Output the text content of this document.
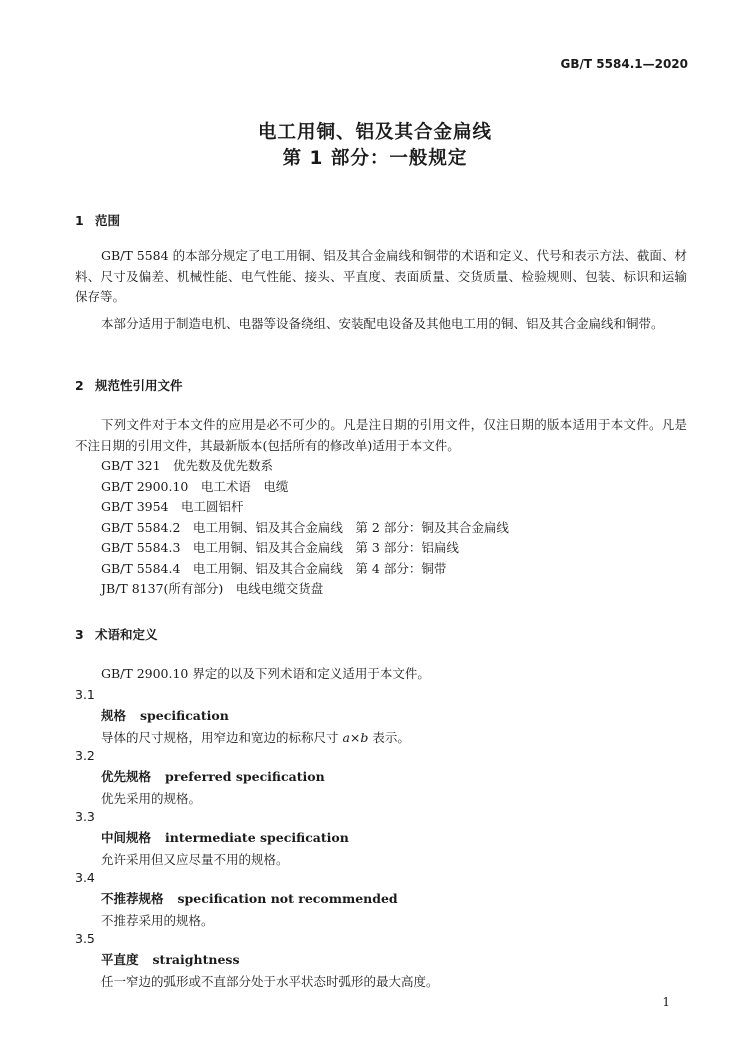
GB/T 5584.1—2020
电工用铜、铝及其合金扁线
第 1 部分：一般规定
1 范围
GB/T 5584 的本部分规定了电工用铜、铝及其合金扁线和铜带的术语和定义、代号和表示方法、截面、材料、尺寸及偏差、机械性能、电气性能、接头、平直度、表面质量、交货质量、检验规则、包装、标识和运输保存等。
本部分适用于制造电机、电器等设备绕组、安装配电设备及其他电工用的铜、铝及其合金扁线和铜带。
2 规范性引用文件
下列文件对于本文件的应用是必不可少的。凡是注日期的引用文件，仅注日期的版本适用于本文件。凡是不注日期的引用文件，其最新版本(包括所有的修改单)适用于本文件。
GB/T 321　优先数及优先数系
GB/T 2900.10　电工术语　电缆
GB/T 3954　电工圆铝杆
GB/T 5584.2　电工用铜、铝及其合金扁线　第 2 部分：铜及其合金扁线
GB/T 5584.3　电工用铜、铝及其合金扁线　第 3 部分：铝扁线
GB/T 5584.4　电工用铜、铝及其合金扁线　第 4 部分：铜带
JB/T 8137(所有部分)　电线电缆交货盘
3 术语和定义
GB/T 2900.10 界定的以及下列术语和定义适用于本文件。
3.1
规格 specification
导体的尺寸规格，用窄边和宽边的标称尺寸 a×b 表示。
3.2
优先规格 preferred specification
优先采用的规格。
3.3
中间规格 intermediate specification
允许采用但又应尽量不用的规格。
3.4
不推荐规格 specification not recommended
不推荐采用的规格。
3.5
平直度 straightness
任一窄边的弧形或不直部分处于水平状态时弧形的最大高度。
1
